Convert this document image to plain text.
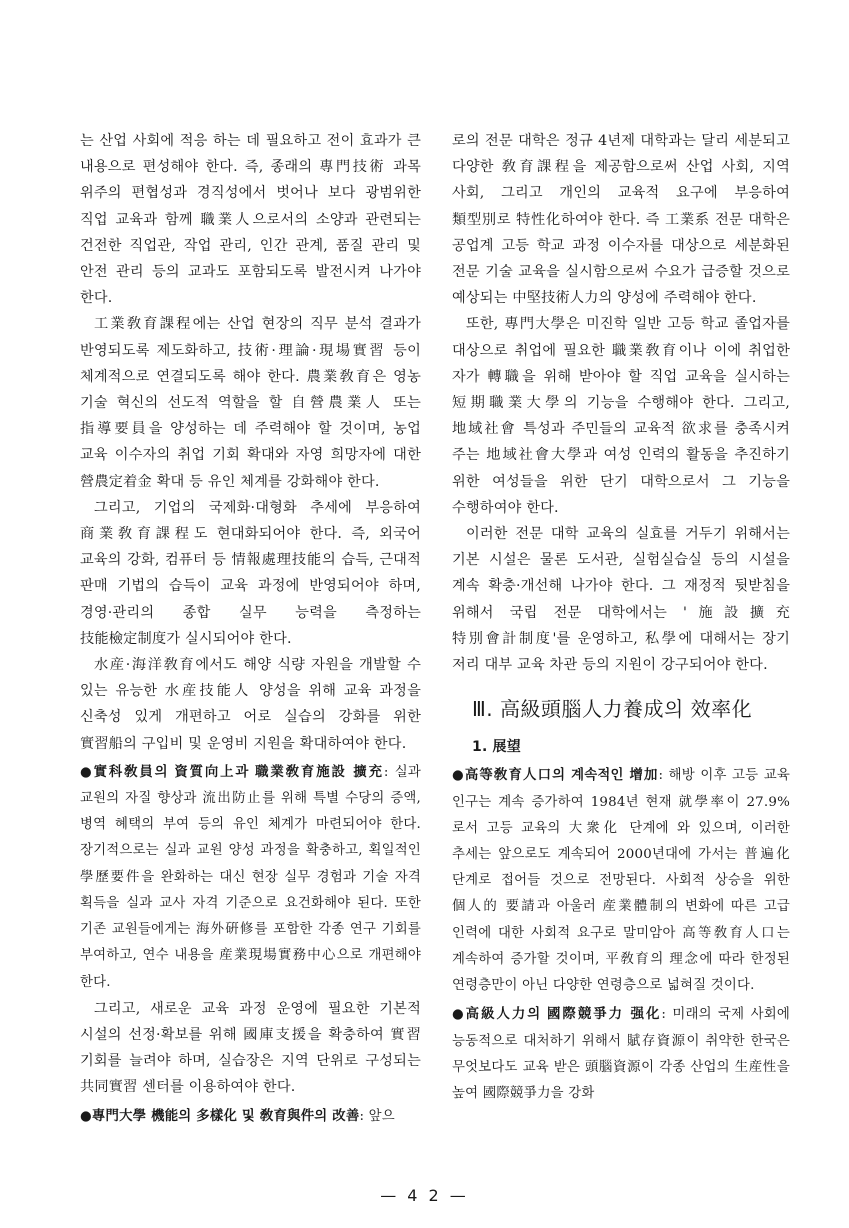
는 산업 사회에 적응 하는 데 필요하고 전이 효과가 큰 내용으로 편성해야 한다. 즉, 종래의 專門技術 과목 위주의 편협성과 경직성에서 벗어나 보다 광범위한 직업 교육과 함께 職業人으로서의 소양과 관련되는 건전한 직업관, 작업 관리, 인간 관계, 품질 관리 및 안전 관리 등의 교과도 포함되도록 발전시켜 나가야 한다.

工業敎育課程에는 산업 현장의 직무 분석 결과가 반영되도록 제도화하고, 技術·理論·現場實習 등이 체계적으로 연결되도록 해야 한다. 農業敎育은 영농 기술 혁신의 선도적 역할을 할 自營農業人 또는 指導要員을 양성하는 데 주력해야 할 것이며, 농업 교육 이수자의 취업 기회 확대와 자영 희망자에 대한 營農定着金 확대 등 유인 체계를 강화해야 한다.

그리고, 기업의 국제화·대형화 추세에 부응하여 商業敎育課程도 현대화되어야 한다. 즉, 외국어 교육의 강화, 컴퓨터 등 情報處理技能의 습득, 근대적 판매 기법의 습득이 교육 과정에 반영되어야 하며, 경영·관리의 종합 실무 능력을 측정하는 技能檢定制度가 실시되어야 한다.

水産·海洋敎育에서도 해양 식량 자원을 개발할 수 있는 유능한 水産技能人 양성을 위해 교육 과정을 신축성 있게 개편하고 어로 실습의 강화를 위한 實習船의 구입비 및 운영비 지원을 확대하여야 한다.

●實科敎員의 資質向上과 職業敎育施設 擴充: 실과 교원의 자질 향상과 流出防止를 위해 특별 수당의 증액, 병역 혜택의 부여 등의 유인 체계가 마련되어야 한다. 장기적으로는 실과 교원 양성 과정을 확충하고, 획일적인 學歷要件을 완화하는 대신 현장 실무 경험과 기술 자격 획득을 실과 교사 자격 기준으로 요건화해야 된다. 또한 기존 교원들에게는 海外硏修를 포함한 각종 연구 기회를 부여하고, 연수 내용을 産業現場實務中心으로 개편해야 한다.

그리고, 새로운 교육 과정 운영에 필요한 기본적 시설의 선정·확보를 위해 國庫支援을 확충하여 實習 기회를 늘려야 하며, 실습장은 지역 단위로 구성되는 共同實習 센터를 이용하여야 한다.

●專門大學 機能의 多樣化 및 敎育與件의 改善: 앞으

로의 전문 대학은 정규 4년제 대학과는 달리 세분되고 다양한 敎育課程을 제공함으로써 산업 사회, 지역 사회, 그리고 개인의 교육적 요구에 부응하여 類型別로 特性化하여야 한다. 즉 工業系 전문 대학은 공업계 고등 학교 과정 이수자를 대상으로 세분화된 전문 기술 교육을 실시함으로써 수요가 급증할 것으로 예상되는 中堅技術人力의 양성에 주력해야 한다.

또한, 專門大學은 미진학 일반 고등 학교 졸업자를 대상으로 취업에 필요한 職業敎育이나 이에 취업한 자가 轉職을 위해 받아야 할 직업 교육을 실시하는 短期職業大學의 기능을 수행해야 한다. 그리고, 地域社會 특성과 주민들의 교육적 欲求를 충족시켜 주는 地域社會大學과 여성 인력의 활동을 추진하기 위한 여성들을 위한 단기 대학으로서 그 기능을 수행하여야 한다.

이러한 전문 대학 교육의 실효를 거두기 위해서는 기본 시설은 물론 도서관, 실험실습실 등의 시설을 계속 확충·개선해 나가야 한다. 그 재정적 뒷받침을 위해서 국립 전문 대학에서는 '施設擴充 特別會計制度'를 운영하고, 私學에 대해서는 장기 저리 대부 교육 차관 등의 지원이 강구되어야 한다.

Ⅲ. 高級頭腦人力養成의 效率化
1. 展望

●高等敎育人口의 계속적인 增加: 해방 이후 고등 교육 인구는 계속 증가하여 1984년 현재 就學率이 27.9%로서 고등 교육의 大衆化 단계에 와 있으며, 이러한 추세는 앞으로도 계속되어 2000년대에 가서는 普遍化 단계로 접어들 것으로 전망된다. 사회적 상승을 위한 個人的 要請과 아울러 産業體制의 변화에 따른 고급 인력에 대한 사회적 요구로 말미암아 高等敎育人口는 계속하여 증가할 것이며, 平敎育의 理念에 따라 한정된 연령층만이 아닌 다양한 연령층으로 넓혀질 것이다.

●高級人力의 國際競爭力 强化: 미래의 국제 사회에 능동적으로 대처하기 위해서 賦存資源이 취약한 한국은 무엇보다도 교육 받은 頭腦資源이 각종 산업의 生産性을 높여 國際競爭力을 강화

— 4 2 —
